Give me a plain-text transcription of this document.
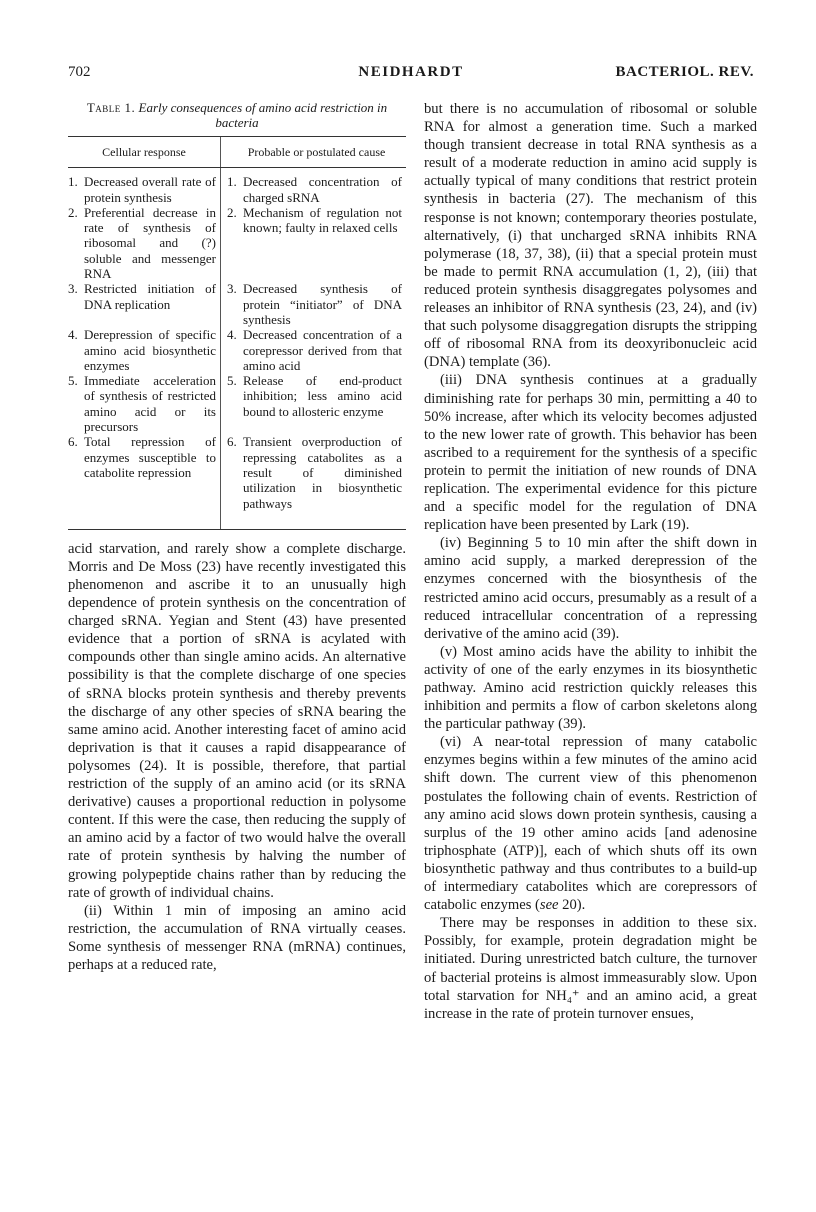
702	NEIDHARDT	BACTERIOL. REV.
Table 1. Early consequences of amino acid restriction in bacteria
Cellular response	Probable or postulated cause

1. Decreased overall rate of protein synthesis	1. Decreased concentration of charged sRNA

2. Preferential decrease in rate of synthesis of ribosomal and (?) soluble and messenger RNA	2. Mechanism of regulation not known; faulty in relaxed cells

3. Restricted initiation of DNA replication	3. Decreased synthesis of protein “initiator” of DNA synthesis

4. Derepression of specific amino acid biosynthetic enzymes	4. Decreased concentration of a corepressor derived from that amino acid

5. Immediate acceleration of synthesis of restricted amino acid or its precursors	5. Release of end-product inhibition; less amino acid bound to allosteric enzyme

6. Total repression of enzymes susceptible to catabolite repression	6. Transient overproduction of repressing catabolites as a result of diminished utilization in biosynthetic pathways

acid starvation, and rarely show a complete discharge. Morris and De Moss (23) have recently investigated this phenomenon and ascribe it to an unusually high dependence of protein synthesis on the concentration of charged sRNA. Yegian and Stent (43) have presented evidence that a portion of sRNA is acylated with compounds other than single amino acids. An alternative possibility is that the complete discharge of one species of sRNA blocks protein synthesis and thereby prevents the discharge of any other species of sRNA bearing the same amino acid. Another interesting facet of amino acid deprivation is that it causes a rapid disappearance of polysomes (24). It is possible, therefore, that partial restriction of the supply of an amino acid (or its sRNA derivative) causes a proportional reduction in polysome content. If this were the case, then reducing the supply of an amino acid by a factor of two would halve the overall rate of protein synthesis by halving the number of growing polypeptide chains rather than by reducing the rate of growth of individual chains.

(ii) Within 1 min of imposing an amino acid restriction, the accumulation of RNA virtually ceases. Some synthesis of messenger RNA (mRNA) continues, perhaps at a reduced rate,

but there is no accumulation of ribosomal or soluble RNA for almost a generation time. Such a marked though transient decrease in total RNA synthesis as a result of a moderate reduction in amino acid supply is actually typical of many conditions that restrict protein synthesis in bacteria (27). The mechanism of this response is not known; contemporary theories postulate, alternatively, (i) that uncharged sRNA inhibits RNA polymerase (18, 37, 38), (ii) that a special protein must be made to permit RNA accumulation (1, 2), (iii) that reduced protein synthesis disaggregates polysomes and releases an inhibitor of RNA synthesis (23, 24), and (iv) that such polysome disaggregation disrupts the stripping off of ribosomal RNA from its deoxyribonucleic acid (DNA) template (36).

(iii) DNA synthesis continues at a gradually diminishing rate for perhaps 30 min, permitting a 40 to 50% increase, after which its velocity becomes adjusted to the new lower rate of growth. This behavior has been ascribed to a requirement for the synthesis of a specific protein to permit the initiation of new rounds of DNA replication. The experimental evidence for this picture and a specific model for the regulation of DNA replication have been presented by Lark (19).

(iv) Beginning 5 to 10 min after the shift down in amino acid supply, a marked derepression of the enzymes concerned with the biosynthesis of the restricted amino acid occurs, presumably as a result of a reduced intracellular concentration of a repressing derivative of the amino acid (39).

(v) Most amino acids have the ability to inhibit the activity of one of the early enzymes in its biosynthetic pathway. Amino acid restriction quickly releases this inhibition and permits a flow of carbon skeletons along the particular pathway (39).

(vi) A near-total repression of many catabolic enzymes begins within a few minutes of the amino acid shift down. The current view of this phenomenon postulates the following chain of events. Restriction of any amino acid slows down protein synthesis, causing a surplus of the 19 other amino acids [and adenosine triphosphate (ATP)], each of which shuts off its own biosynthetic pathway and thus contributes to a build-up of intermediary catabolites which are corepressors of catabolic enzymes (see 20).

There may be responses in addition to these six. Possibly, for example, protein degradation might be initiated. During unrestricted batch culture, the turnover of bacterial proteins is almost immeasurably slow. Upon total starvation for NH₄⁺ and an amino acid, a great increase in the rate of protein turnover ensues,
